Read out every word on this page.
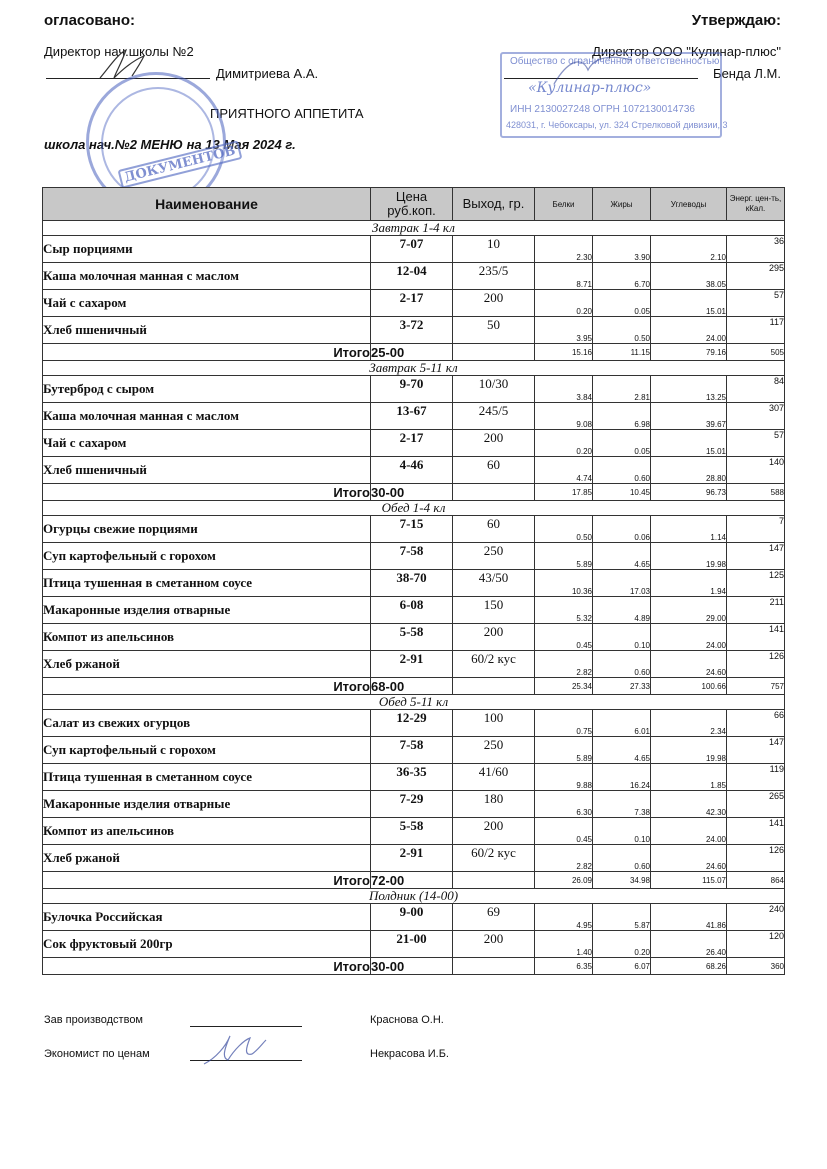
огласовано:
Директор нач.школы №2
Димитриева А.А.
Утверждаю:
Директор ООО "Кулинар-плюс"
Бенда Л.М.
ПРИЯТНОГО АППЕТИТА
школа нач.№2 МЕНЮ на 13 Мая 2024 г.
ДОКУМЕНТОВ
Общество с ограниченной ответственностью
«Кулинар-плюс»
ИНН 2130027248 ОГРН 1072130014736
428031, г. Чебоксары, ул. 324 Стрелковой дивизии, 3
Наименование	Цена руб.коп.	Выход, гр.	Белки	Жиры	Углеводы	Энерг. цен-ть, кКал.
Завтрак 1-4 кл						
Сыр порциями	7-07	10	2.30	3.90	2.10	36
Каша молочная манная с маслом	12-04	235/5	8.71	6.70	38.05	295
Чай с сахаром	2-17	200	0.20	0.05	15.01	57
Хлеб пшеничный	3-72	50	3.95	0.50	24.00	117
Итого	25-00		15.16	11.15	79.16	505
Завтрак 5-11 кл						
Бутерброд с сыром	9-70	10/30	3.84	2.81	13.25	84
Каша молочная манная с маслом	13-67	245/5	9.08	6.98	39.67	307
Чай с сахаром	2-17	200	0.20	0.05	15.01	57
Хлеб пшеничный	4-46	60	4.74	0.60	28.80	140
Итого	30-00		17.85	10.45	96.73	588
Обед 1-4 кл						
Огурцы свежие порциями	7-15	60	0.50	0.06	1.14	7
Суп картофельный с горохом	7-58	250	5.89	4.65	19.98	147
Птица тушенная в сметанном соусе	38-70	43/50	10.36	17.03	1.94	125
Макаронные изделия отварные	6-08	150	5.32	4.89	29.00	211
Компот из апельсинов	5-58	200	0.45	0.10	24.00	141
Хлеб ржаной	2-91	60/2 кус	2.82	0.60	24.60	126
Итого	68-00		25.34	27.33	100.66	757
Обед 5-11 кл						
Салат из свежих огурцов	12-29	100	0.75	6.01	2.34	66
Суп картофельный с горохом	7-58	250	5.89	4.65	19.98	147
Птица тушенная в сметанном соусе	36-35	41/60	9.88	16.24	1.85	119
Макаронные изделия отварные	7-29	180	6.30	7.38	42.30	265
Компот из апельсинов	5-58	200	0.45	0.10	24.00	141
Хлеб ржаной	2-91	60/2 кус	2.82	0.60	24.60	126
Итого	72-00		26.09	34.98	115.07	864
Полдник (14-00)						
Булочка Российская	9-00	69	4.95	5.87	41.86	240
Сок фруктовый 200гр	21-00	200	1.40	0.20	26.40	120
Итого	30-00		6.35	6.07	68.26	360
Зав производством	Краснова О.Н.
Экономист по ценам	Некрасова И.Б.
